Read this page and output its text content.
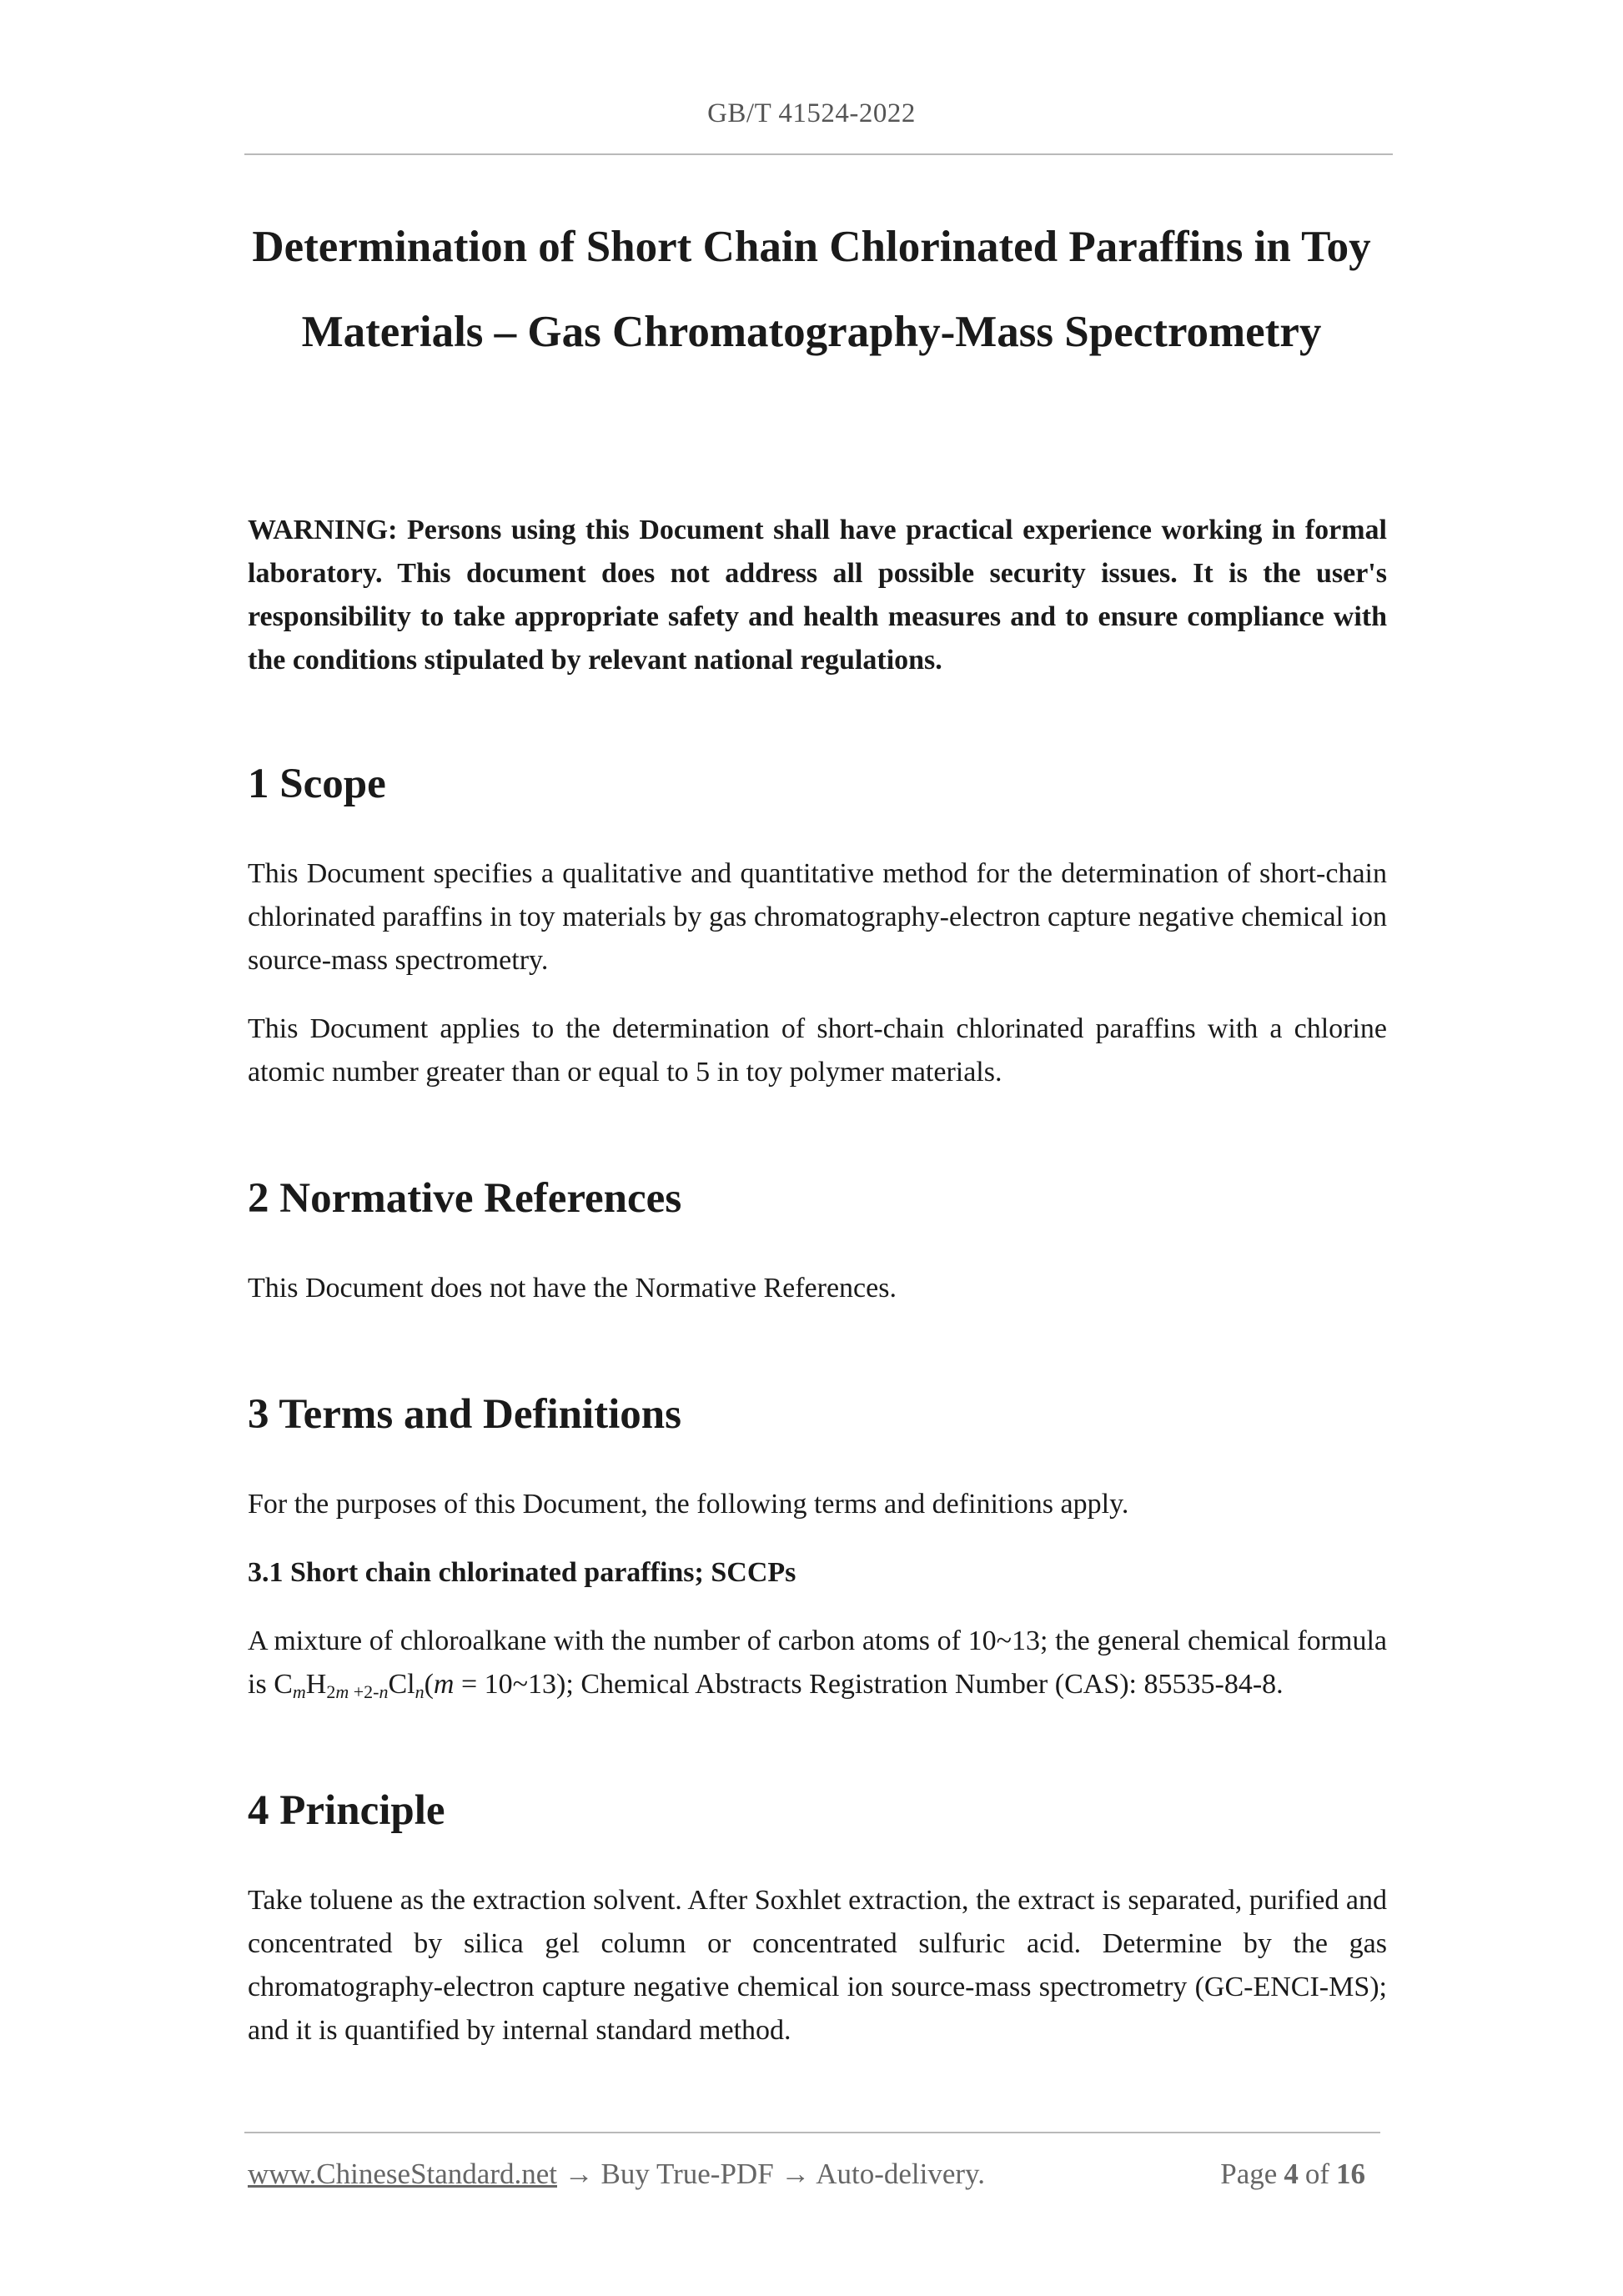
GB/T 41524-2022
Determination of Short Chain Chlorinated Paraffins in Toy
Materials – Gas Chromatography-Mass Spectrometry

WARNING: Persons using this Document shall have practical experience working in formal laboratory. This document does not address all possible security issues. It is the user's responsibility to take appropriate safety and health measures and to ensure compliance with the conditions stipulated by relevant national regulations.

1 Scope

This Document specifies a qualitative and quantitative method for the determination of short-chain chlorinated paraffins in toy materials by gas chromatography-electron capture negative chemical ion source-mass spectrometry.

This Document applies to the determination of short-chain chlorinated paraffins with a chlorine atomic number greater than or equal to 5 in toy polymer materials.

2 Normative References

This Document does not have the Normative References.

3 Terms and Definitions

For the purposes of this Document, the following terms and definitions apply.

3.1 Short chain chlorinated paraffins; SCCPs

A mixture of chloroalkane with the number of carbon atoms of 10~13; the general chemical formula is $C_mH_{2m +2-n}Cl_n(m$ = 10~13); Chemical Abstracts Registration Number (CAS): 85535-84-8.

4 Principle

Take toluene as the extraction solvent. After Soxhlet extraction, the extract is separated, purified and concentrated by silica gel column or concentrated sulfuric acid. Determine by the gas chromatography-electron capture negative chemical ion source-mass spectrometry (GC-ENCI-MS); and it is quantified by internal standard method.

www.ChineseStandard.net → Buy True-PDF → Auto-delivery.	Page 4 of 16
